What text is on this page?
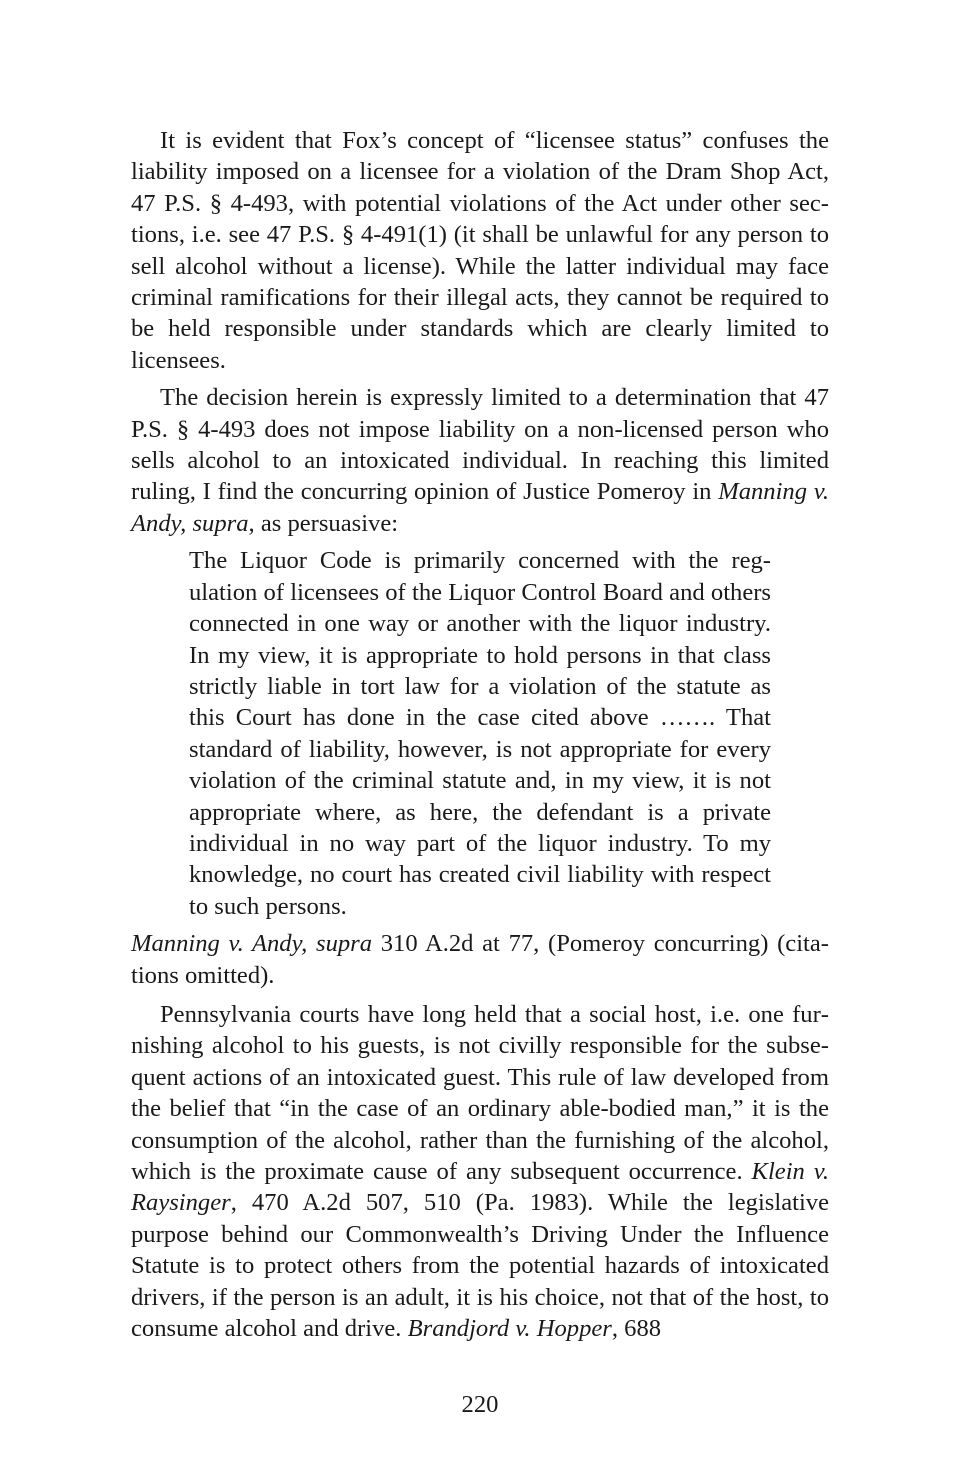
It is evident that Fox’s concept of “licensee status” confuses the liability imposed on a licensee for a violation of the Dram Shop Act, 47 P.S. § 4-493, with potential violations of the Act under other sections, i.e. see 47 P.S. § 4-491(1) (it shall be unlawful for any person to sell alcohol without a license). While the latter individual may face criminal ramifications for their illegal acts, they cannot be required to be held responsible under standards which are clearly limited to licensees.

The decision herein is expressly limited to a determination that 47 P.S. § 4-493 does not impose liability on a non-licensed person who sells alcohol to an intoxicated individual. In reaching this limited ruling, I find the concurring opinion of Justice Pomeroy in Manning v. Andy, supra, as persuasive:

The Liquor Code is primarily concerned with the regulation of licensees of the Liquor Control Board and others connected in one way or another with the liquor industry. In my view, it is appropriate to hold persons in that class strictly liable in tort law for a violation of the statute as this Court has done in the case cited above ……. That standard of liability, however, is not appropriate for every violation of the criminal statute and, in my view, it is not appropriate where, as here, the defendant is a private individual in no way part of the liquor industry. To my knowledge, no court has created civil liability with respect to such persons.

Manning v. Andy, supra 310 A.2d at 77, (Pomeroy concurring) (citations omitted).

Pennsylvania courts have long held that a social host, i.e. one furnishing alcohol to his guests, is not civilly responsible for the subsequent actions of an intoxicated guest. This rule of law developed from the belief that “in the case of an ordinary able-bodied man,” it is the consumption of the alcohol, rather than the furnishing of the alcohol, which is the proximate cause of any subsequent occurrence. Klein v. Raysinger, 470 A.2d 507, 510 (Pa. 1983). While the legislative purpose behind our Commonwealth’s Driving Under the Influence Statute is to protect others from the potential hazards of intoxicated drivers, if the person is an adult, it is his choice, not that of the host, to consume alcohol and drive. Brandjord v. Hopper, 688

220
